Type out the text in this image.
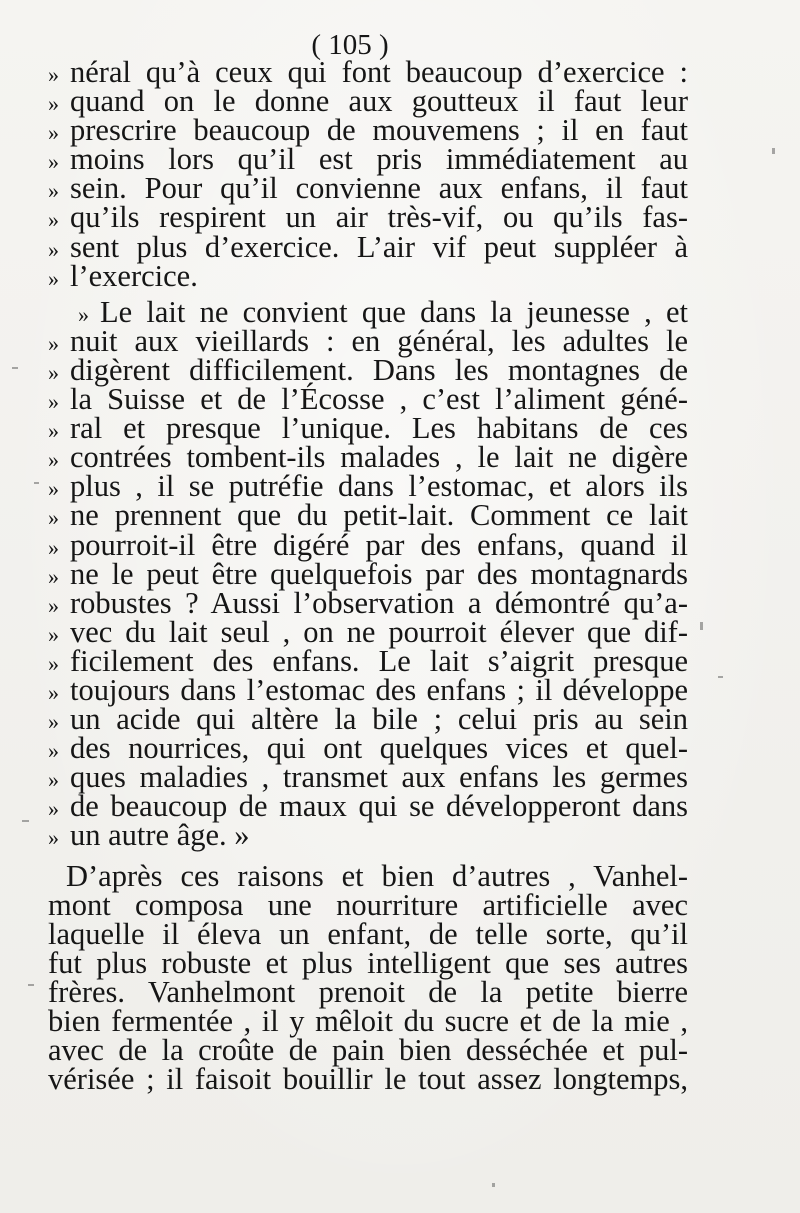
( 105 )
» néral qu’à ceux qui font beaucoup d’exercice :
» quand on le donne aux goutteux il faut leur
» prescrire beaucoup de mouvemens ; il en faut
» moins lors qu’il est pris immédiatement au
» sein. Pour qu’il convienne aux enfans, il faut
» qu’ils respirent un air très-vif, ou qu’ils fas-
» sent plus d’exercice. L’air vif peut suppléer à
» l’exercice.
» Le lait ne convient que dans la jeunesse , et
» nuit aux vieillards : en général, les adultes le
» digèrent difficilement. Dans les montagnes de
» la Suisse et de l’Écosse , c’est l’aliment géné-
» ral et presque l’unique. Les habitans de ces
» contrées tombent-ils malades , le lait ne digère
» plus , il se putréfie dans l’estomac, et alors ils
» ne prennent que du petit-lait. Comment ce lait
» pourroit-il être digéré par des enfans, quand il
» ne le peut être quelquefois par des montagnards
» robustes ? Aussi l’observation a démontré qu’a-
» vec du lait seul , on ne pourroit élever que dif-
» ficilement des enfans. Le lait s’aigrit presque
» toujours dans l’estomac des enfans ; il développe
» un acide qui altère la bile ; celui pris au sein
» des nourrices, qui ont quelques vices et quel-
» ques maladies , transmet aux enfans les germes
» de beaucoup de maux qui se développeront dans
» un autre âge. »
D’après ces raisons et bien d’autres , Vanhel-
mont composa une nourriture artificielle avec
laquelle il éleva un enfant, de telle sorte, qu’il
fut plus robuste et plus intelligent que ses autres
frères. Vanhelmont prenoit de la petite bierre
bien fermentée , il y mêloit du sucre et de la mie ,
avec de la croûte de pain bien desséchée et pul-
vérisée ; il faisoit bouillir le tout assez longtemps,
